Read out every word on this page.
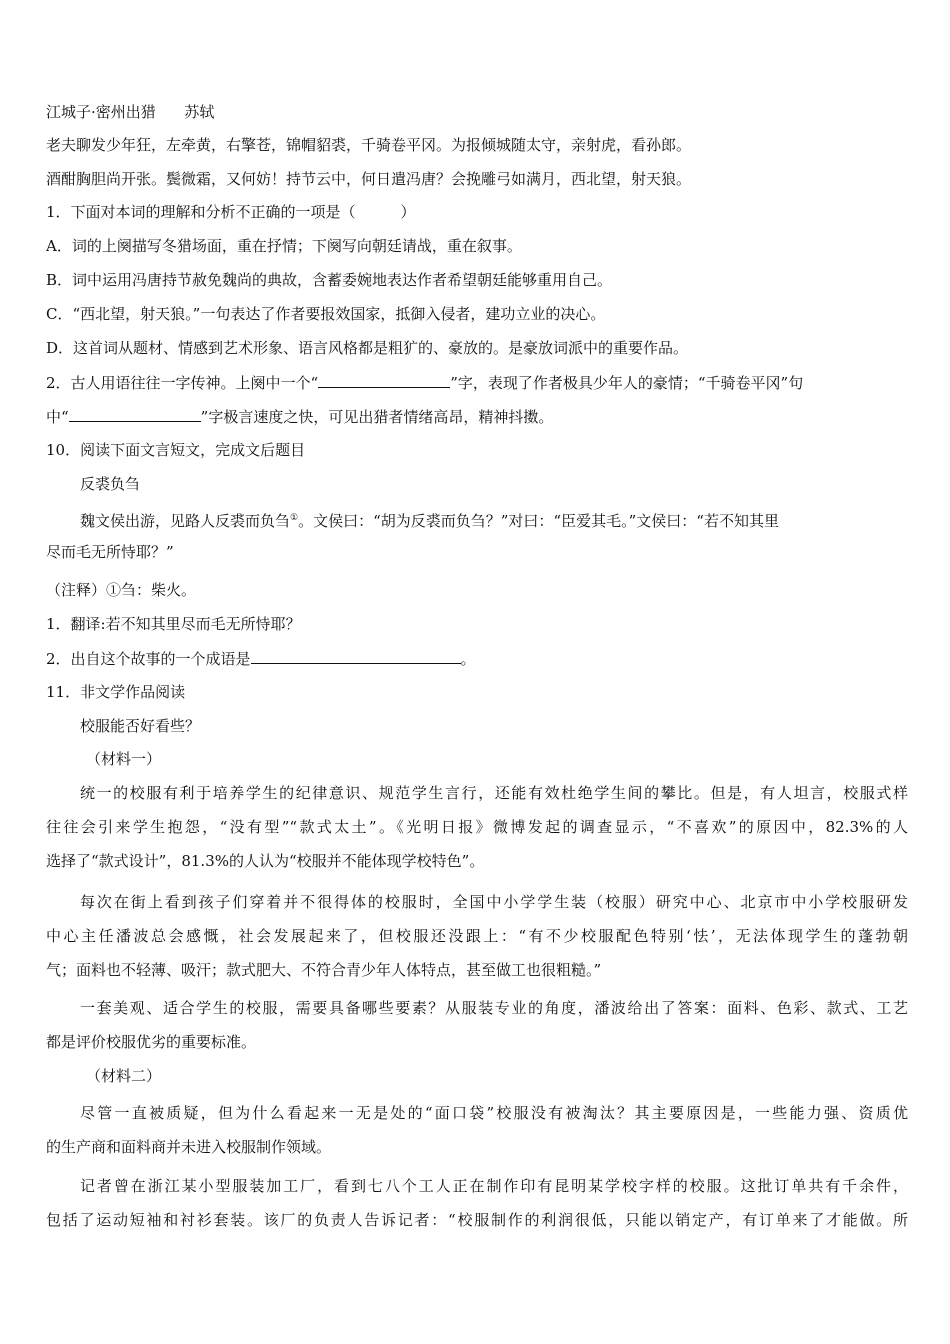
江城子·密州出猎 苏轼
老夫聊发少年狂，左牵黄，右擎苍，锦帽貂裘，千骑卷平冈。为报倾城随太守，亲射虎，看孙郎。
酒酣胸胆尚开张。鬓微霜，又何妨！持节云中，何日遣冯唐？会挽雕弓如满月，西北望，射天狼。
1．下面对本词的理解和分析不正确的一项是（　　　）
A．词的上阕描写冬猎场面，重在抒情；下阕写向朝廷请战，重在叙事。
B．词中运用冯唐持节赦免魏尚的典故，含蓄委婉地表达作者希望朝廷能够重用自己。
C．“西北望，射天狼。”一句表达了作者要报效国家，抵御入侵者，建功立业的决心。
D．这首词从题材、情感到艺术形象、语言风格都是粗犷的、豪放的。是豪放词派中的重要作品。
2．古人用语往往一字传神。上阕中一个“	”字，表现了作者极具少年人的豪情；“千骑卷平冈”句
中“	”字极言速度之快，可见出猎者情绪高昂，精神抖擞。
10．阅读下面文言短文，完成文后题目
反裘负刍
魏文侯出游，见路人反裘而负刍①。文侯曰：“胡为反裘而负刍？”对曰：“臣爱其毛。”文侯曰：“若不知其里
尽而毛无所恃耶？”
（注释）①刍：柴火。
1．翻译:若不知其里尽而毛无所恃耶？
2．出自这个故事的一个成语是	。
11．非文学作品阅读
校服能否好看些？
（材料一）
统一的校服有利于培养学生的纪律意识、规范学生言行，还能有效杜绝学生间的攀比。但是，有人坦言，校服式样
往往会引来学生抱怨，“没有型”“款式太土”。《光明日报》微博发起的调查显示，“不喜欢”的原因中，82.3%的人
选择了“款式设计”，81.3%的人认为“校服并不能体现学校特色”。
每次在街上看到孩子们穿着并不很得体的校服时，全国中小学学生装（校服）研究中心、北京市中小学校服研发
中心主任潘波总会感慨，社会发展起来了，但校服还没跟上：“有不少校服配色特别‘怯’，无法体现学生的蓬勃朝
气；面料也不轻薄、吸汗；款式肥大、不符合青少年人体特点，甚至做工也很粗糙。”
一套美观、适合学生的校服，需要具备哪些要素？从服装专业的角度，潘波给出了答案：面料、色彩、款式、工艺
都是评价校服优劣的重要标准。
（材料二）
尽管一直被质疑，但为什么看起来一无是处的“面口袋”校服没有被淘汰？其主要原因是，一些能力强、资质优
的生产商和面料商并未进入校服制作领域。
记者曾在浙江某小型服装加工厂，看到七八个工人正在制作印有昆明某学校字样的校服。这批订单共有千余件，
包括了运动短袖和衬衫套装。该厂的负责人告诉记者：“校服制作的利润很低，只能以销定产，有订单来了才能做。所
